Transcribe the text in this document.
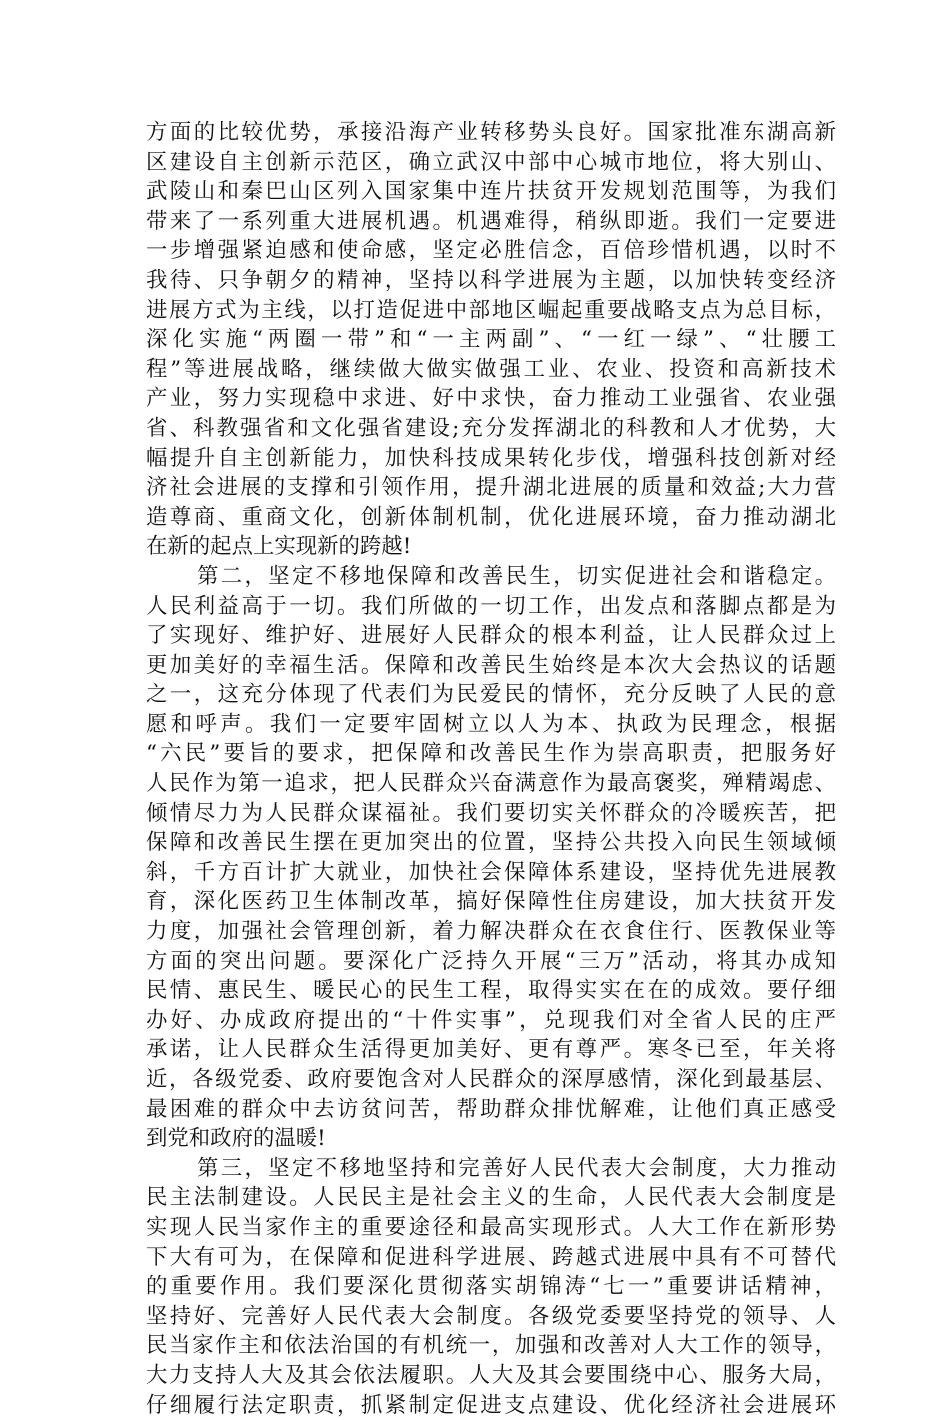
方面的比较优势，承接沿海产业转移势头良好。国家批准东湖高新
区建设自主创新示范区，确立武汉中部中心城市地位，将大别山、
武陵山和秦巴山区列入国家集中连片扶贫开发规划范围等，为我们
带来了一系列重大进展机遇。机遇难得，稍纵即逝。我们一定要进
一步增强紧迫感和使命感，坚定必胜信念，百倍珍惜机遇，以时不
我待、只争朝夕的精神，坚持以科学进展为主题，以加快转变经济
进展方式为主线，以打造促进中部地区崛起重要战略支点为总目标，
深化实施“两圈一带”和“一主两副”、“一红一绿”、“壮腰工
程”等进展战略，继续做大做实做强工业、农业、投资和高新技术
产业，努力实现稳中求进、好中求快，奋力推动工业强省、农业强
省、科教强省和文化强省建设;充分发挥湖北的科教和人才优势，大
幅提升自主创新能力，加快科技成果转化步伐，增强科技创新对经
济社会进展的支撑和引领作用，提升湖北进展的质量和效益;大力营
造尊商、重商文化，创新体制机制，优化进展环境，奋力推动湖北
在新的起点上实现新的跨越!
第二，坚定不移地保障和改善民生，切实促进社会和谐稳定。
人民利益高于一切。我们所做的一切工作，出发点和落脚点都是为
了实现好、维护好、进展好人民群众的根本利益，让人民群众过上
更加美好的幸福生活。保障和改善民生始终是本次大会热议的话题
之一，这充分体现了代表们为民爱民的情怀，充分反映了人民的意
愿和呼声。我们一定要牢固树立以人为本、执政为民理念，根据
“六民”要旨的要求，把保障和改善民生作为崇高职责，把服务好
人民作为第一追求，把人民群众兴奋满意作为最高褒奖，殚精竭虑、
倾情尽力为人民群众谋福祉。我们要切实关怀群众的冷暖疾苦，把
保障和改善民生摆在更加突出的位置，坚持公共投入向民生领域倾
斜，千方百计扩大就业，加快社会保障体系建设，坚持优先进展教
育，深化医药卫生体制改革，搞好保障性住房建设，加大扶贫开发
力度，加强社会管理创新，着力解决群众在衣食住行、医教保业等
方面的突出问题。要深化广泛持久开展“三万”活动，将其办成知
民情、惠民生、暖民心的民生工程，取得实实在在的成效。要仔细
办好、办成政府提出的“十件实事”，兑现我们对全省人民的庄严
承诺，让人民群众生活得更加美好、更有尊严。寒冬已至，年关将
近，各级党委、政府要饱含对人民群众的深厚感情，深化到最基层、
最困难的群众中去访贫问苦，帮助群众排忧解难，让他们真正感受
到党和政府的温暖!
第三，坚定不移地坚持和完善好人民代表大会制度，大力推动
民主法制建设。人民民主是社会主义的生命，人民代表大会制度是
实现人民当家作主的重要途径和最高实现形式。人大工作在新形势
下大有可为，在保障和促进科学进展、跨越式进展中具有不可替代
的重要作用。我们要深化贯彻落实胡锦涛“七一”重要讲话精神，
坚持好、完善好人民代表大会制度。各级党委要坚持党的领导、人
民当家作主和依法治国的有机统一，加强和改善对人大工作的领导，
大力支持人大及其会依法履职。人大及其会要围绕中心、服务大局，
仔细履行法定职责，抓紧制定促进支点建设、优化经济社会进展环
